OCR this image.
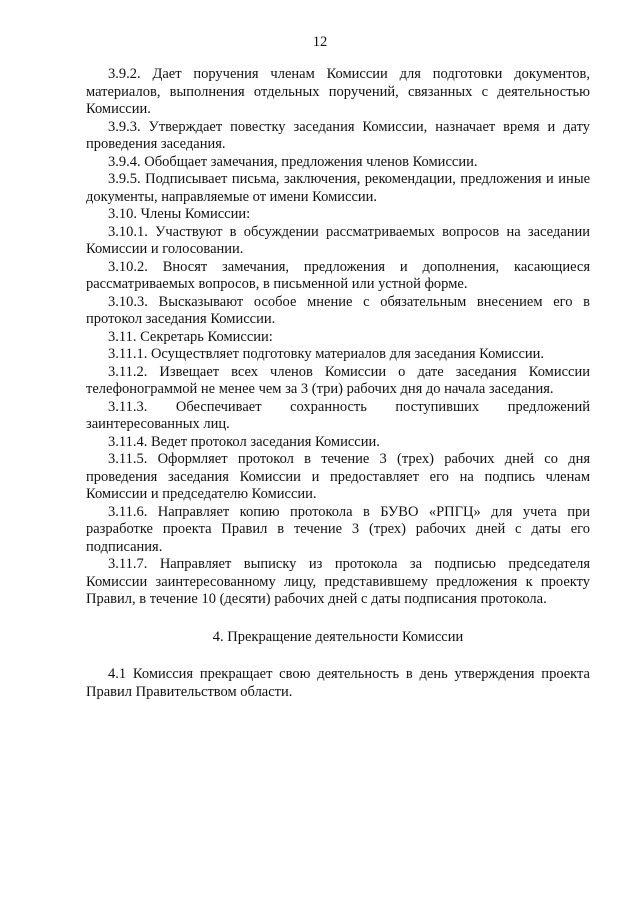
12

3.9.2. Дает поручения членам Комиссии для подготовки документов, материалов, выполнения отдельных поручений, связанных с деятельностью Комиссии.

3.9.3. Утверждает повестку заседания Комиссии, назначает время и дату проведения заседания.

3.9.4. Обобщает замечания, предложения членов Комиссии.

3.9.5. Подписывает письма, заключения, рекомендации, предложения и иные документы, направляемые от имени Комиссии.

3.10. Члены Комиссии:

3.10.1. Участвуют в обсуждении рассматриваемых вопросов на заседании Комиссии и голосовании.

3.10.2. Вносят замечания, предложения и дополнения, касающиеся рассматриваемых вопросов, в письменной или устной форме.

3.10.3. Высказывают особое мнение с обязательным внесением его в протокол заседания Комиссии.

3.11. Секретарь Комиссии:

3.11.1. Осуществляет подготовку материалов для заседания Комиссии.

3.11.2. Извещает всех членов Комиссии о дате заседания Комиссии телефонограммой не менее чем за 3 (три) рабочих дня до начала заседания.

3.11.3. Обеспечивает сохранность поступивших предложений заинтересованных лиц.

3.11.4. Ведет протокол заседания Комиссии.

3.11.5. Оформляет протокол в течение 3 (трех) рабочих дней со дня проведения заседания Комиссии и предоставляет его на подпись членам Комиссии и председателю Комиссии.

3.11.6. Направляет копию протокола в БУВО «РПГЦ» для учета при разработке проекта Правил в течение 3 (трех) рабочих дней с даты его подписания.

3.11.7. Направляет выписку из протокола за подписью председателя Комиссии заинтересованному лицу, представившему предложения к проекту Правил, в течение 10 (десяти) рабочих дней с даты подписания протокола.

4. Прекращение деятельности Комиссии

4.1 Комиссия прекращает свою деятельность в день утверждения проекта Правил Правительством области.
